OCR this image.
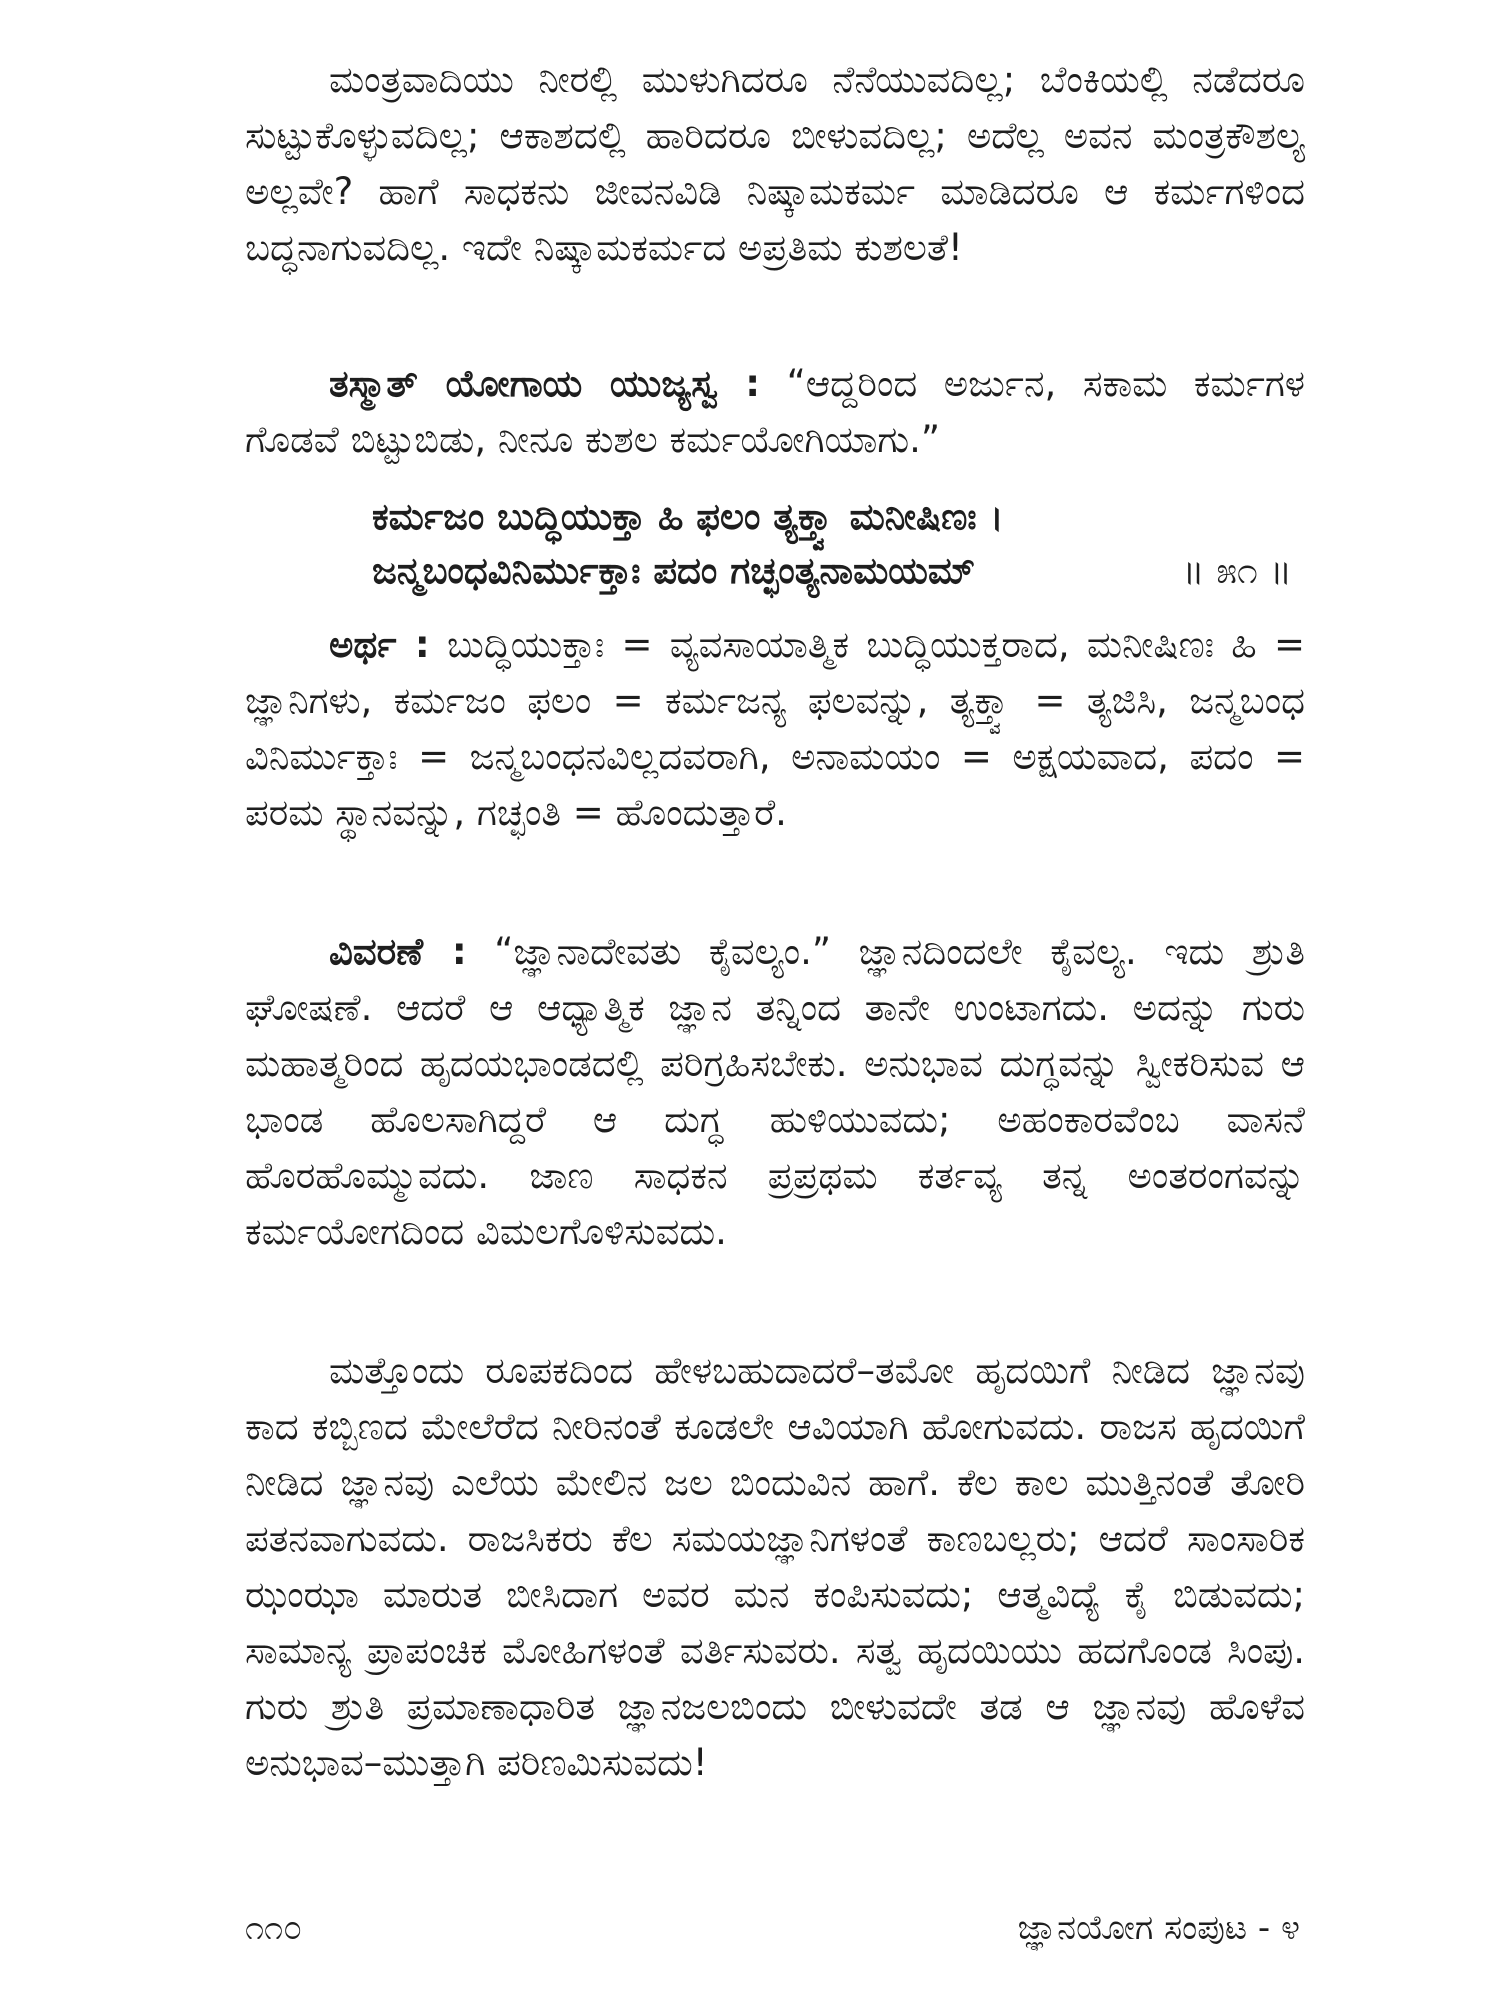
ಮಂತ್ರವಾದಿಯು ನೀರಲ್ಲಿ ಮುಳುಗಿದರೂ ನೆನೆಯುವದಿಲ್ಲ; ಬೆಂಕಿಯಲ್ಲಿ ನಡೆದರೂ ಸುಟ್ಟುಕೊಳ್ಳುವದಿಲ್ಲ; ಆಕಾಶದಲ್ಲಿ ಹಾರಿದರೂ ಬೀಳುವದಿಲ್ಲ; ಅದೆಲ್ಲ ಅವನ ಮಂತ್ರಕೌಶಲ್ಯ ಅಲ್ಲವೇ? ಹಾಗೆ ಸಾಧಕನು ಜೀವನವಿಡಿ ನಿಷ್ಕಾಮಕರ್ಮ ಮಾಡಿದರೂ ಆ ಕರ್ಮಗಳಿಂದ ಬದ್ಧನಾಗುವದಿಲ್ಲ. ಇದೇ ನಿಷ್ಕಾಮಕರ್ಮದ ಅಪ್ರತಿಮ ಕುಶಲತೆ!

ತಸ್ಮಾತ್ ಯೋಗಾಯ ಯುಜ್ಯಸ್ವ : “ಆದ್ದರಿಂದ ಅರ್ಜುನ, ಸಕಾಮ ಕರ್ಮಗಳ ಗೊಡವೆ ಬಿಟ್ಟುಬಿಡು, ನೀನೂ ಕುಶಲ ಕರ್ಮಯೋಗಿಯಾಗು.”

ಕರ್ಮಜಂ ಬುದ್ಧಿಯುಕ್ತಾ ಹಿ ಫಲಂ ತ್ಯಕ್ತ್ವಾ ಮನೀಷಿಣಃ ।
ಜನ್ಮಬಂಧವಿನಿರ್ಮುಕ್ತಾಃ ಪದಂ ಗಚ್ಛಂತ್ಯನಾಮಯಮ್	॥ ೫೧ ॥

ಅರ್ಥ : ಬುದ್ಧಿಯುಕ್ತಾಃ = ವ್ಯವಸಾಯಾತ್ಮಿಕ ಬುದ್ಧಿಯುಕ್ತರಾದ, ಮನೀಷಿಣಃ ಹಿ = ಜ್ಞಾನಿಗಳು, ಕರ್ಮಜಂ ಫಲಂ = ಕರ್ಮಜನ್ಯ ಫಲವನ್ನು, ತ್ಯಕ್ತ್ವಾ = ತ್ಯಜಿಸಿ, ಜನ್ಮಬಂಧ ವಿನಿರ್ಮುಕ್ತಾಃ = ಜನ್ಮಬಂಧನವಿಲ್ಲದವರಾಗಿ, ಅನಾಮಯಂ = ಅಕ್ಷಯವಾದ, ಪದಂ = ಪರಮ ಸ್ಥಾನವನ್ನು, ಗಚ್ಛಂತಿ = ಹೊಂದುತ್ತಾರೆ.

ವಿವರಣೆ : “ಜ್ಞಾನಾದೇವತು ಕೈವಲ್ಯಂ.” ಜ್ಞಾನದಿಂದಲೇ ಕೈವಲ್ಯ. ಇದು ಶ್ರುತಿ ಘೋಷಣೆ. ಆದರೆ ಆ ಆಧ್ಯಾತ್ಮಿಕ ಜ್ಞಾನ ತನ್ನಿಂದ ತಾನೇ ಉಂಟಾಗದು. ಅದನ್ನು ಗುರು ಮಹಾತ್ಮರಿಂದ ಹೃದಯಭಾಂಡದಲ್ಲಿ ಪರಿಗ್ರಹಿಸಬೇಕು. ಅನುಭಾವ ದುಗ್ಧವನ್ನು ಸ್ವೀಕರಿಸುವ ಆ ಭಾಂಡ ಹೊಲಸಾಗಿದ್ದರೆ ಆ ದುಗ್ಧ ಹುಳಿಯುವದು; ಅಹಂಕಾರವೆಂಬ ವಾಸನೆ ಹೊರಹೊಮ್ಮುವದು. ಜಾಣ ಸಾಧಕನ ಪ್ರಪ್ರಥಮ ಕರ್ತವ್ಯ ತನ್ನ ಅಂತರಂಗವನ್ನು ಕರ್ಮಯೋಗದಿಂದ ವಿಮಲಗೊಳಿಸುವದು.

ಮತ್ತೊಂದು ರೂಪಕದಿಂದ ಹೇಳಬಹುದಾದರೆ–ತಮೋ ಹೃದಯಿಗೆ ನೀಡಿದ ಜ್ಞಾನವು ಕಾದ ಕಬ್ಬಿಣದ ಮೇಲೆರೆದ ನೀರಿನಂತೆ ಕೂಡಲೇ ಆವಿಯಾಗಿ ಹೋಗುವದು. ರಾಜಸ ಹೃದಯಿಗೆ ನೀಡಿದ ಜ್ಞಾನವು ಎಲೆಯ ಮೇಲಿನ ಜಲ ಬಿಂದುವಿನ ಹಾಗೆ. ಕೆಲ ಕಾಲ ಮುತ್ತಿನಂತೆ ತೋರಿ ಪತನವಾಗುವದು. ರಾಜಸಿಕರು ಕೆಲ ಸಮಯಜ್ಞಾನಿಗಳಂತೆ ಕಾಣಬಲ್ಲರು; ಆದರೆ ಸಾಂಸಾರಿಕ ಝಂಝಾ ಮಾರುತ ಬೀಸಿದಾಗ ಅವರ ಮನ ಕಂಪಿಸುವದು; ಆತ್ಮವಿದ್ಯೆ ಕೈ ಬಿಡುವದು; ಸಾಮಾನ್ಯ ಪ್ರಾಪಂಚಿಕ ಮೋಹಿಗಳಂತೆ ವರ್ತಿಸುವರು. ಸತ್ವ ಹೃದಯಿಯು ಹದಗೊಂಡ ಸಿಂಪು. ಗುರು ಶ್ರುತಿ ಪ್ರಮಾಣಾಧಾರಿತ ಜ್ಞಾನಜಲಬಿಂದು ಬೀಳುವದೇ ತಡ ಆ ಜ್ಞಾನವು ಹೊಳೆವ ಅನುಭಾವ–ಮುತ್ತಾಗಿ ಪರಿಣಮಿಸುವದು!

೧೧೦	ಜ್ಞಾನಯೋಗ ಸಂಪುಟ - ೪
